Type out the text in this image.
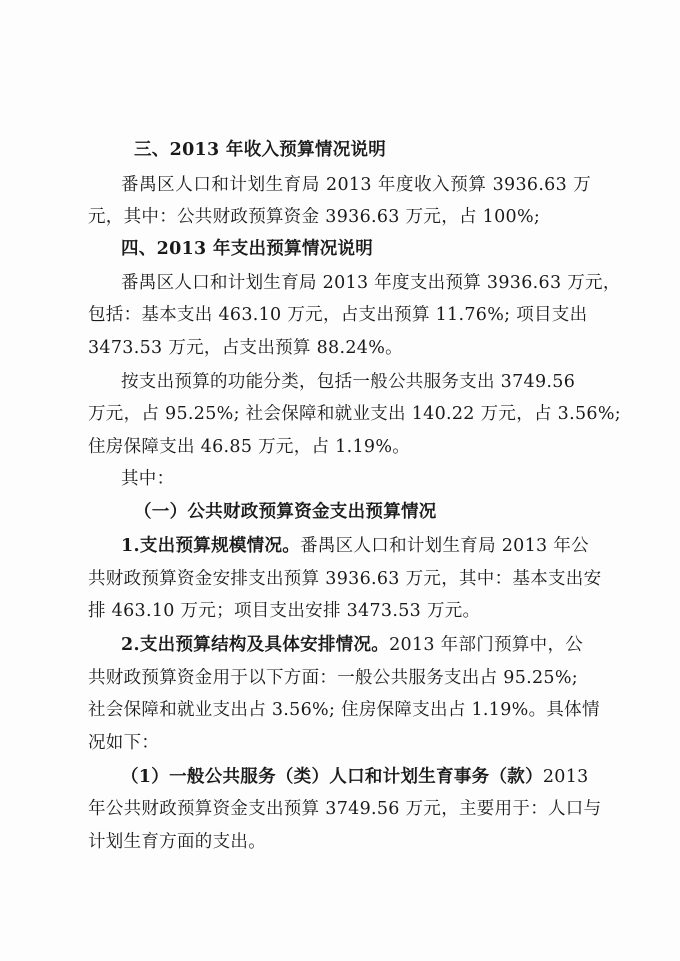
三、2013 年收入预算情况说明
番禺区人口和计划生育局 2013 年度收入预算 3936.63 万
元，其中：公共财政预算资金 3936.63 万元，占 100%;
四、2013 年支出预算情况说明
番禺区人口和计划生育局 2013 年度支出预算 3936.63 万元，
包括：基本支出 463.10 万元，占支出预算 11.76%; 项目支出
3473.53 万元，占支出预算 88.24%。
按支出预算的功能分类，包括一般公共服务支出 3749.56
万元，占 95.25%; 社会保障和就业支出 140.22 万元，占 3.56%;
住房保障支出 46.85 万元，占 1.19%。
其中：
（一）公共财政预算资金支出预算情况
1.支出预算规模情况。番禺区人口和计划生育局 2013 年公
共财政预算资金安排支出预算 3936.63 万元，其中：基本支出安
排 463.10 万元；项目支出安排 3473.53 万元。
2.支出预算结构及具体安排情况。2013 年部门预算中，公
共财政预算资金用于以下方面：一般公共服务支出占 95.25%;
社会保障和就业支出占 3.56%; 住房保障支出占 1.19%。具体情
况如下：
（1）一般公共服务（类）人口和计划生育事务（款）2013
年公共财政预算资金支出预算 3749.56 万元，主要用于：人口与
计划生育方面的支出。
